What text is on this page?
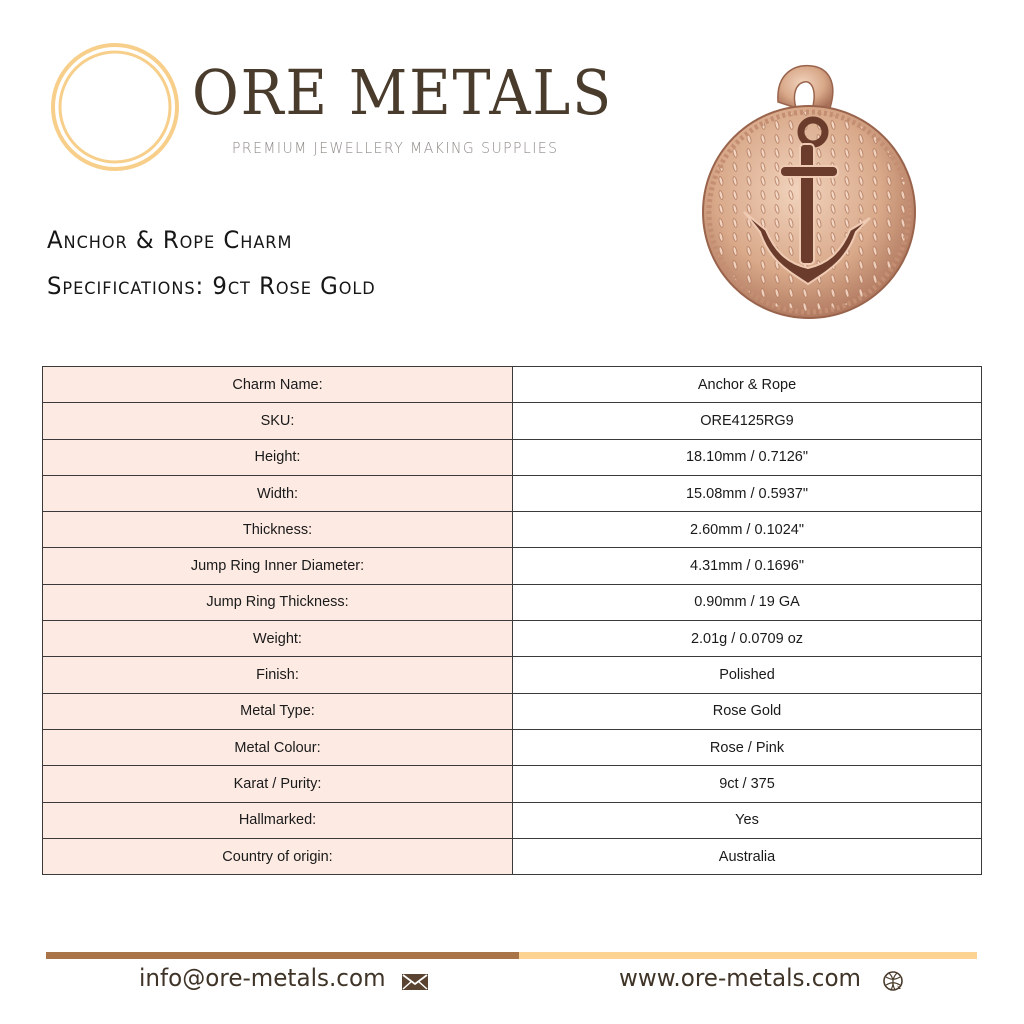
ORE METALS
PREMIUM JEWELLERY MAKING SUPPLIES
Anchor & Rope Charm
Specifications: 9ct Rose Gold
Charm Name:	Anchor & Rope
SKU:	ORE4125RG9
Height:	18.10mm / 0.7126"
Width:	15.08mm / 0.5937"
Thickness:	2.60mm / 0.1024"
Jump Ring Inner Diameter:	4.31mm / 0.1696"
Jump Ring Thickness:	0.90mm / 19 GA
Weight:	2.01g / 0.0709 oz
Finish:	Polished
Metal Type:	Rose Gold
Metal Colour:	Rose / Pink
Karat / Purity:	9ct / 375
Hallmarked:	Yes
Country of origin:	Australia
info@ore-metals.com	www.ore-metals.com
